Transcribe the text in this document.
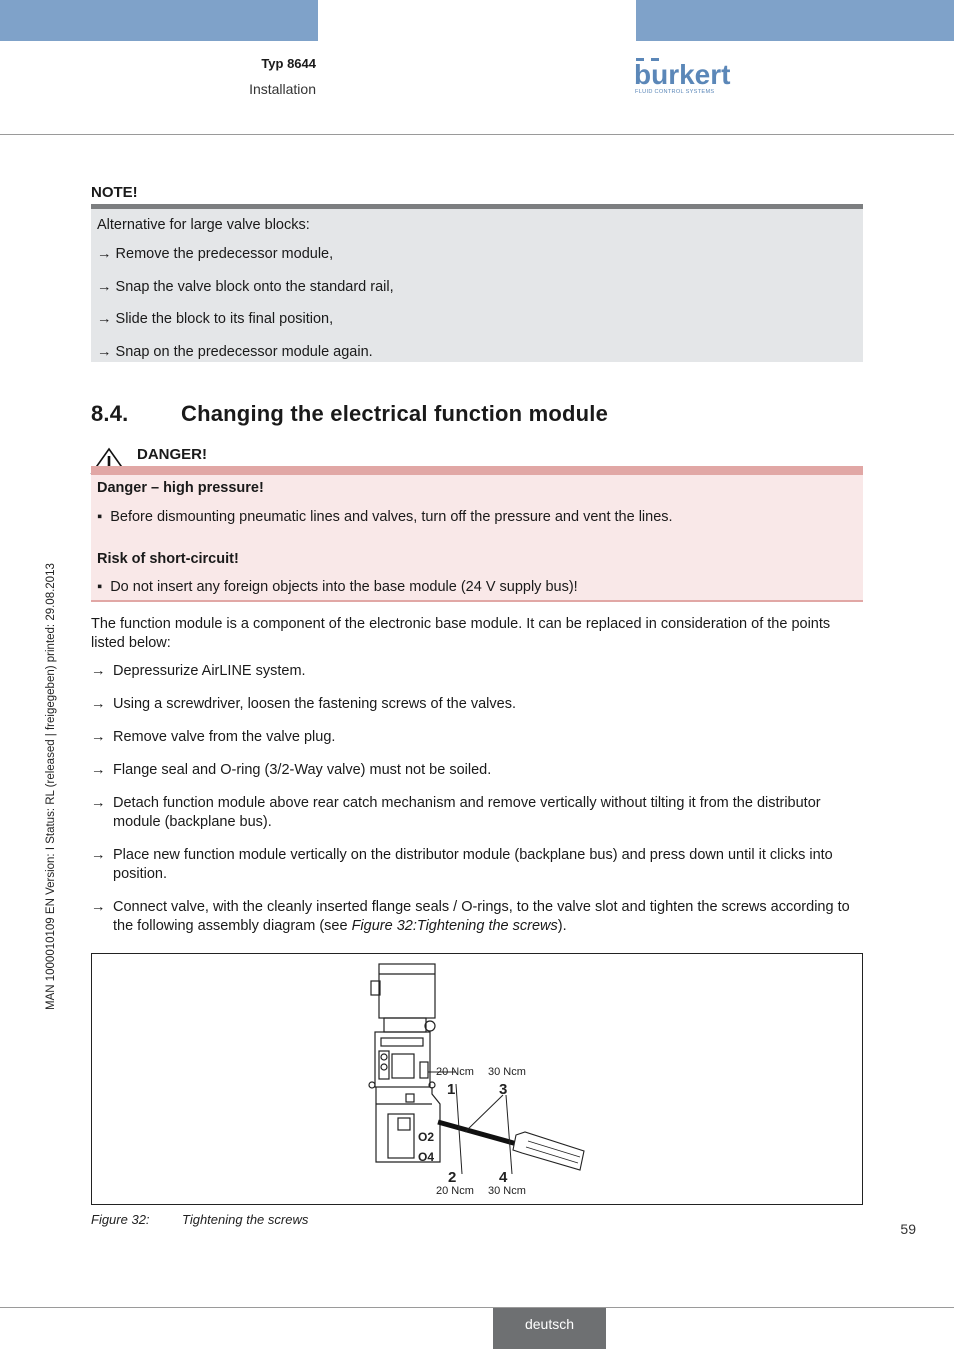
Typ 8644
Installation	burkert
FLUID CONTROL SYSTEMS
MAN 1000010109 EN Version: I Status: RL (released | freigegeben) printed: 29.08.2013
NOTE!
Alternative for large valve blocks:
→ Remove the predecessor module,
→ Snap the valve block onto the standard rail,
→ Slide the block to its final position,
→ Snap on the predecessor module again.
8.4. Changing the electrical function module
DANGER!
Danger – high pressure!
▪  Before dismounting pneumatic lines and valves, turn off the pressure and vent the lines.
Risk of short-circuit!
▪  Do not insert any foreign objects into the base module (24 V supply bus)!
The function module is a component of the electronic base module. It can be replaced in consideration of the points listed below:
→ Depressurize AirLINE system.
→ Using a screwdriver, loosen the fastening screws of the valves.
→ Remove valve from the valve plug.
→ Flange seal and O-ring (3/2-Way valve) must not be soiled.
→ Detach function module above rear catch mechanism and remove vertically without tilting it from the distributor module (backplane bus).
→ Place new function module vertically on the distributor module (backplane bus) and press down until it clicks into position.
→ Connect valve, with the cleanly inserted flange seals / O-rings, to the valve slot and tighten the screws according to the following assembly diagram (see Figure 32:Tightening the screws).
O2
O4
20 Ncm 30 Ncm
1	3
2	4
20 Ncm 30 Ncm
Figure 32: Tightening the screws
59
deutsch
